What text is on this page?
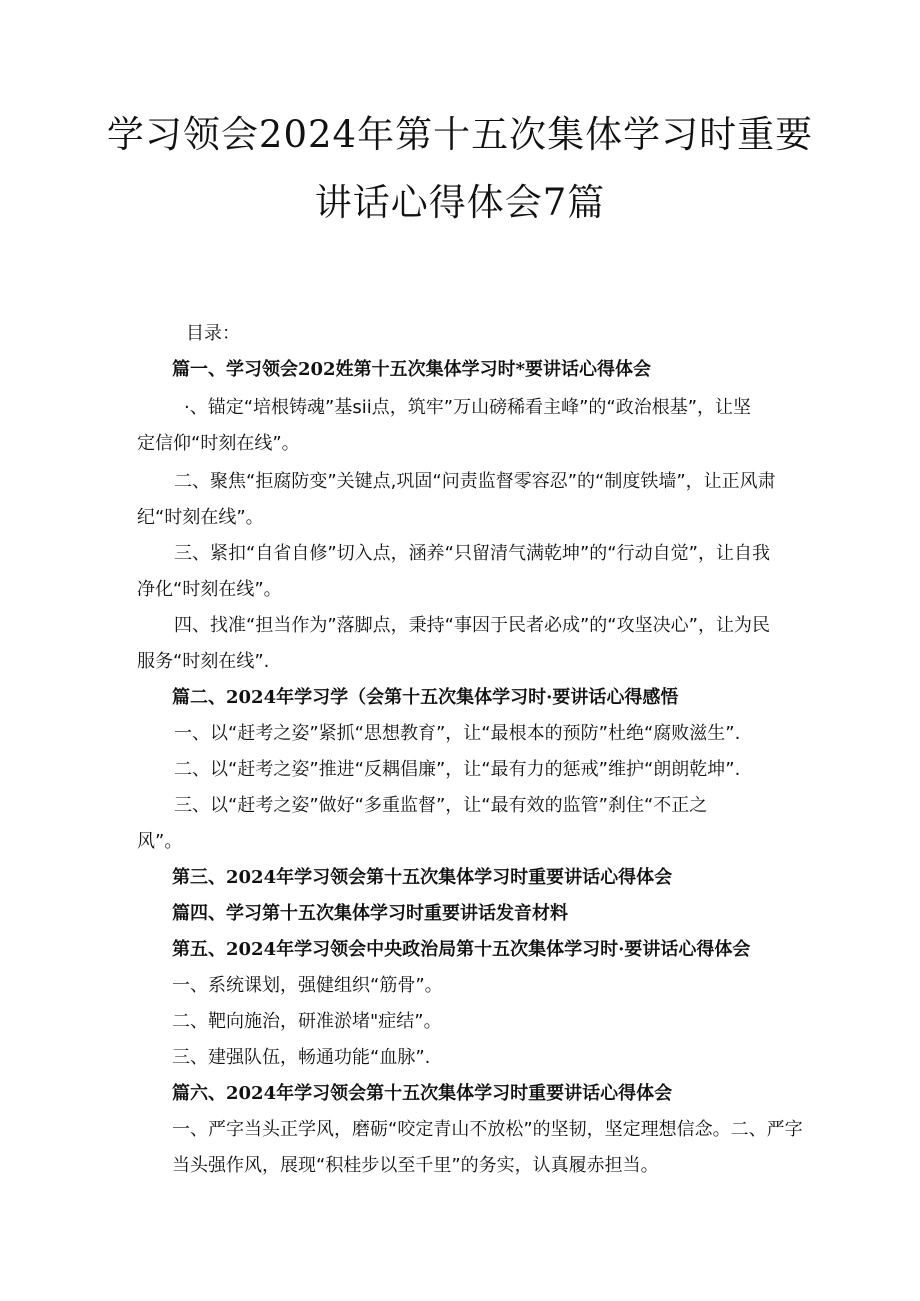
学习领会2024年第十五次集体学习时重要
讲话心得体会7篇
目录：
篇一、学习领会202姓第十五次集体学习时*要讲话心得体会
·、锚定“培根铸魂”基sii点，筑牢”万山磅稀看主峰”的“政治根基”，让坚
定信仰“时刻在线”。
二、聚焦“拒腐防变”关键点,巩固“问责监督零容忍”的“制度铁墙”，让正风肃
纪“时刻在线”。
三、紧扣“自省自修”切入点，涵养“只留清气满乾坤”的“行动自觉”，让自我
净化“时刻在线”。
四、找准“担当作为”落脚点，秉持“事因于民者必成”的“攻坚决心”，让为民
服务“时刻在线”.
篇二、2024年学习学（会第十五次集体学习时·要讲话心得感悟
一、以“赶考之姿”紧抓“思想教育”，让“最根本的预防”杜绝“腐败滋生”.
二、以“赶考之姿”推进“反耦倡廉”，让“最有力的惩戒”维护“朗朗乾坤”.
三、以“赶考之姿”做好“多重监督”，让“最有效的监管”刹住“不正之
风”。
第三、2024年学习领会第十五次集体学习时重要讲话心得体会
篇四、学习第十五次集体学习时重要讲话发音材料
第五、2024年学习领会中央政治局第十五次集体学习时·要讲话心得体会
一、系统课划，强健组织“筋骨”。
二、靶向施治，研准淤堵"症结”。
三、建强队伍，畅通功能“血脉”.
篇六、2024年学习领会第十五次集体学习时重要讲话心得体会
一、严字当头正学风，磨砺“咬定青山不放松”的坚韧，坚定理想信念。二、严字
当头强作风，展现“积桂步以至千里”的务实，认真履赤担当。
